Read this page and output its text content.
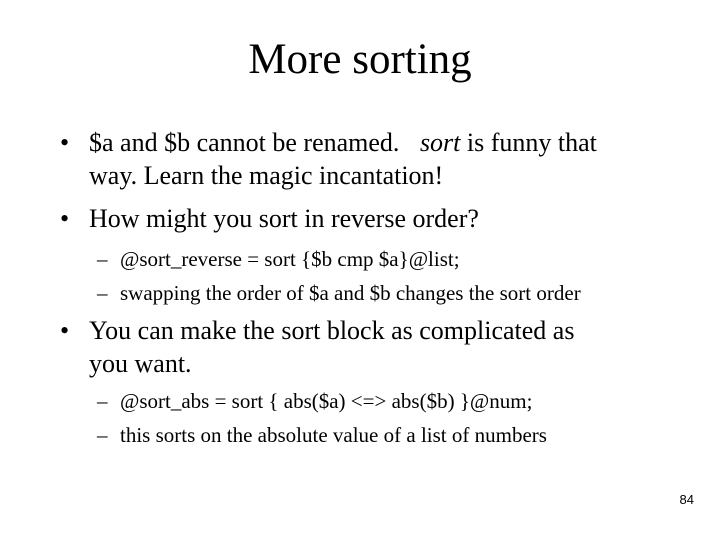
More sorting
• $a and $b cannot be renamed. sort is funny that
way. Learn the magic incantation!
• How might you sort in reverse order?
– @sort_reverse = sort {$b cmp $a}@list;
– swapping the order of $a and $b changes the sort order
• You can make the sort block as complicated as
you want.
– @sort_abs = sort { abs($a) <=> abs($b) }@num;
– this sorts on the absolute value of a list of numbers
84
